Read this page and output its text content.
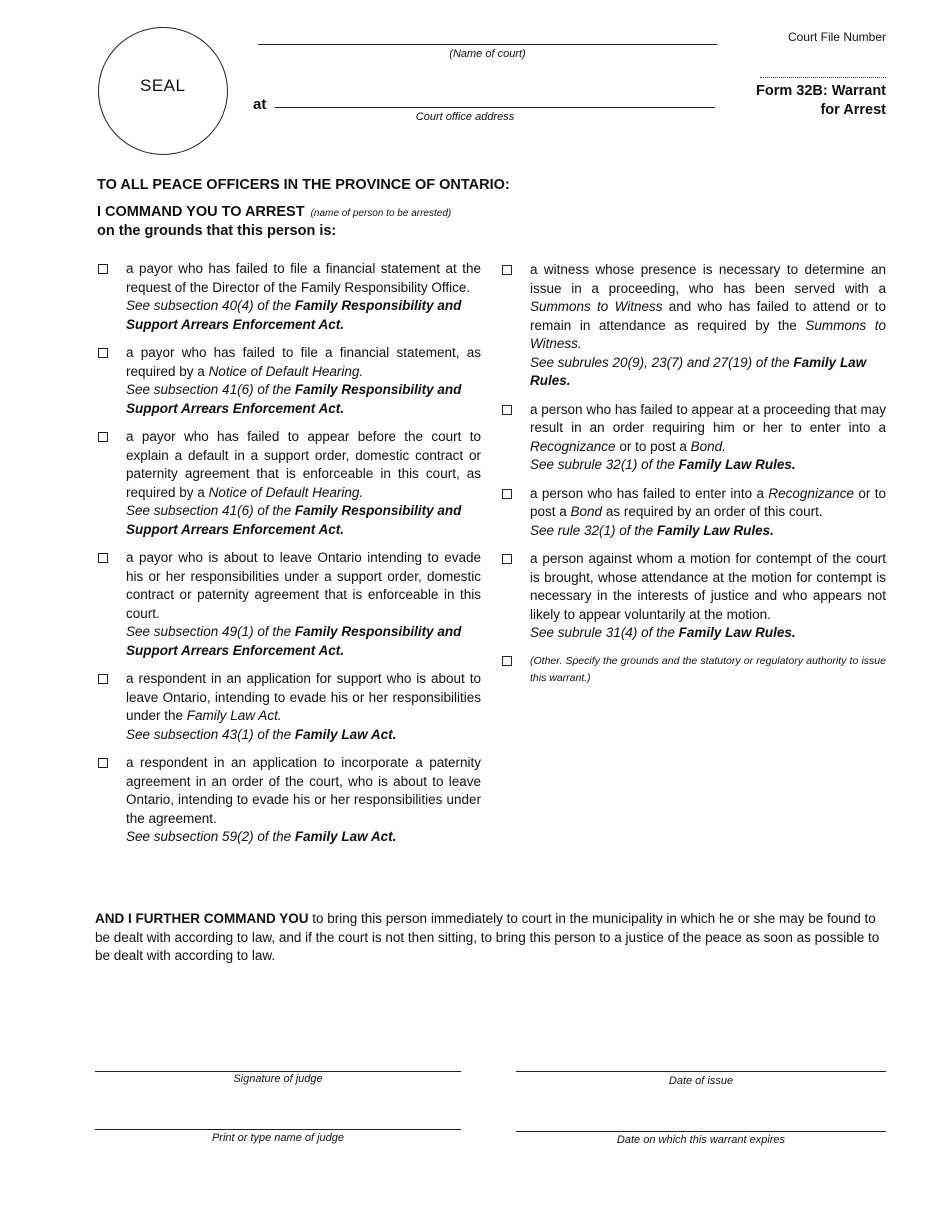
SEAL
(Name of court)
at
Court office address
Court File Number
Form 32B: Warrant
for Arrest
TO ALL PEACE OFFICERS IN THE PROVINCE OF ONTARIO:
I COMMAND YOU TO ARREST (name of person to be arrested)
on the grounds that this person is:
a payor who has failed to file a financial statement at the request of the Director of the Family Responsibility Office.
See subsection 40(4) of the Family Responsibility and Support Arrears Enforcement Act.
a payor who has failed to file a financial statement, as required by a Notice of Default Hearing.
See subsection 41(6) of the Family Responsibility and Support Arrears Enforcement Act.
a payor who has failed to appear before the court to explain a default in a support order, domestic contract or paternity agreement that is enforceable in this court, as required by a Notice of Default Hearing.
See subsection 41(6) of the Family Responsibility and Support Arrears Enforcement Act.
a payor who is about to leave Ontario intending to evade his or her responsibilities under a support order, domestic contract or paternity agreement that is enforceable in this court.
See subsection 49(1) of the Family Responsibility and Support Arrears Enforcement Act.
a respondent in an application for support who is about to leave Ontario, intending to evade his or her responsibilities under the Family Law Act.
See subsection 43(1) of the Family Law Act.
a respondent in an application to incorporate a paternity agreement in an order of the court, who is about to leave Ontario, intending to evade his or her responsibilities under the agreement.
See subsection 59(2) of the Family Law Act.
a witness whose presence is necessary to determine an issue in a proceeding, who has been served with a Summons to Witness and who has failed to attend or to remain in attendance as required by the Summons to Witness.
See subrules 20(9), 23(7) and 27(19) of the Family Law Rules.
a person who has failed to appear at a proceeding that may result in an order requiring him or her to enter into a Recognizance or to post a Bond.
See subrule 32(1) of the Family Law Rules.
a person who has failed to enter into a Recognizance or to post a Bond as required by an order of this court.
See rule 32(1) of the Family Law Rules.
a person against whom a motion for contempt of the court is brought, whose attendance at the motion for contempt is necessary in the interests of justice and who appears not likely to appear voluntarily at the motion.
See subrule 31(4) of the Family Law Rules.
(Other. Specify the grounds and the statutory or regulatory authority to issue this warrant.)
AND I FURTHER COMMAND YOU to bring this person immediately to court in the municipality in which he or she may be found to be dealt with according to law, and if the court is not then sitting, to bring this person to a justice of the peace as soon as possible to be dealt with according to law.
Signature of judge	Date of issue
Print or type name of judge	Date on which this warrant expires
